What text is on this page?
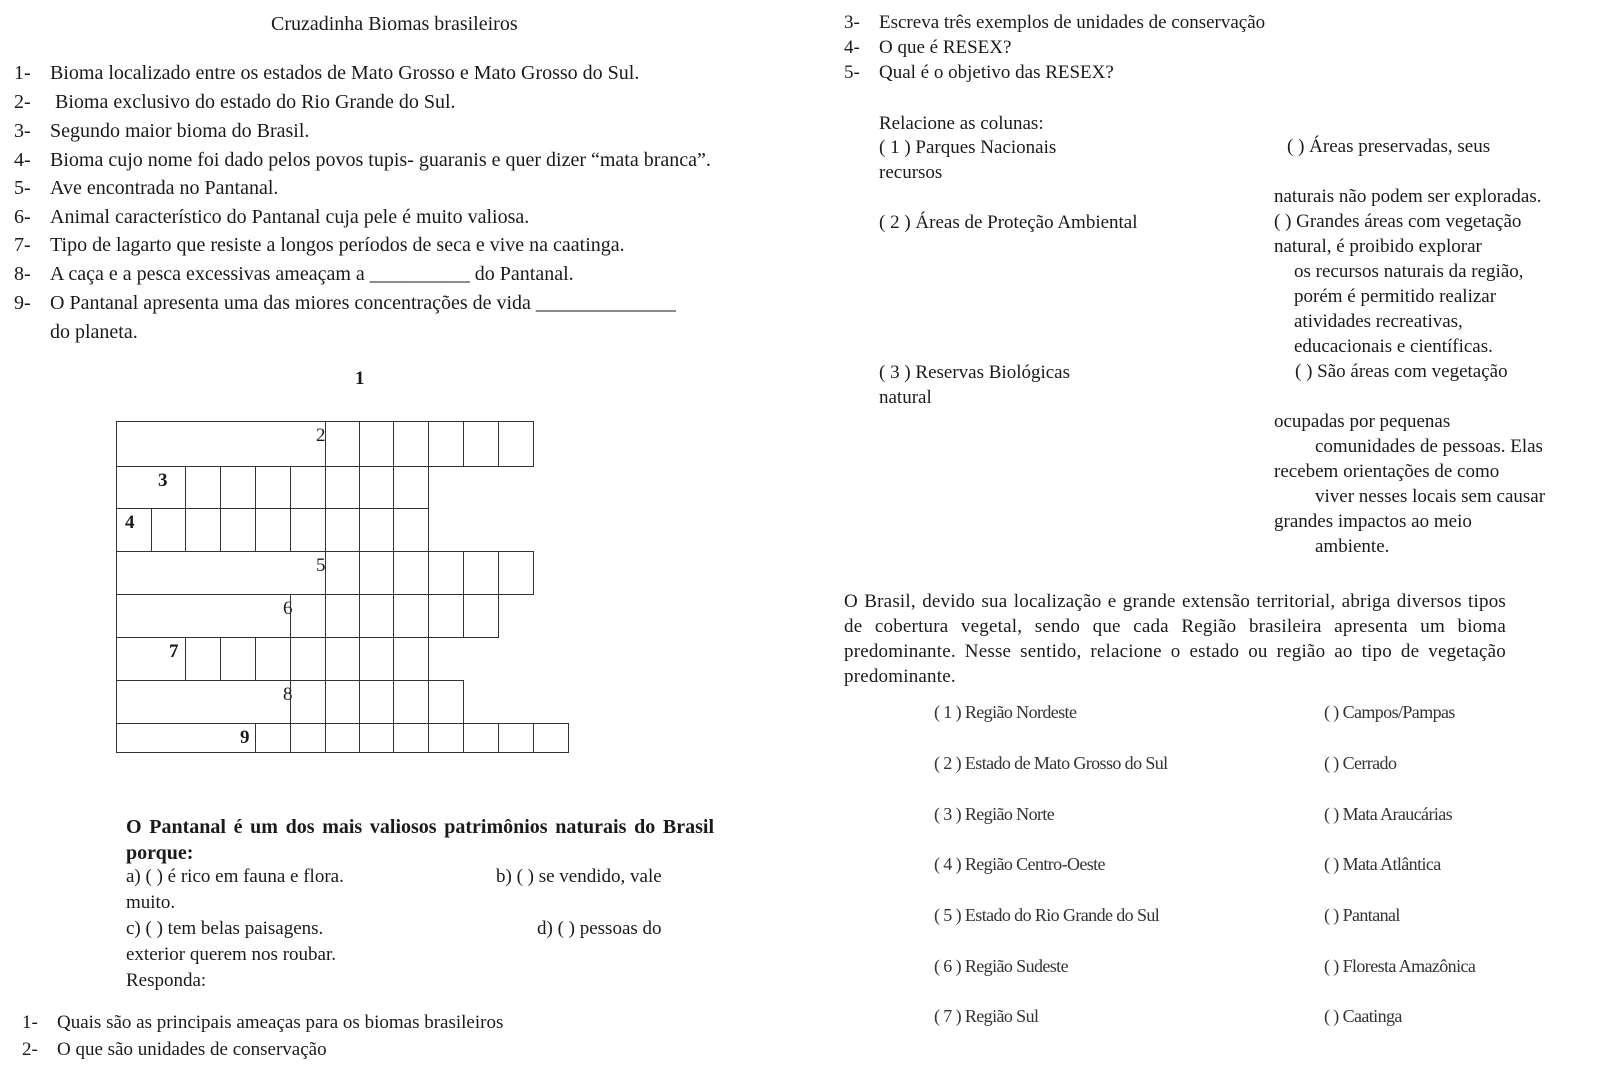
Cruzadinha Biomas brasileiros
1- Bioma localizado entre os estados de Mato Grosso e Mato Grosso do Sul.
2- Bioma exclusivo do estado do Rio Grande do Sul.
3- Segundo maior bioma do Brasil.
4- Bioma cujo nome foi dado pelos povos tupis- guaranis e quer dizer “mata branca”.
5- Ave encontrada no Pantanal.
6- Animal característico do Pantanal cuja pele é muito valiosa.
7- Tipo de lagarto que resiste a longos períodos de seca e vive na caatinga.
8- A caça e a pesca excessivas ameaçam a __________ do Pantanal.
9- O Pantanal apresenta uma das miores concentrações de vida ______________
do planeta.
1
2
3
4
5
6
7
8
9
O Pantanal é um dos mais valiosos patrimônios naturais do Brasil porque:
a) ( ) é rico em fauna e flora.	b) ( ) se vendido, vale
muito.
c) ( ) tem belas paisagens.	d) ( ) pessoas do
exterior querem nos roubar.
Responda:
1- Quais são as principais ameaças para os biomas brasileiros
2- O que são unidades de conservação
3- Escreva três exemplos de unidades de conservação
4- O que é RESEX?
5- Qual é o objetivo das RESEX?
Relacione as colunas:
( 1 ) Parques Nacionais
recursos
( 2 ) Áreas de Proteção Ambiental
( 3 ) Reservas Biológicas
natural
( ) Áreas preservadas, seus
naturais não podem ser exploradas.
( ) Grandes áreas com vegetação
natural, é proibido explorar
os recursos naturais da região,
porém é permitido realizar
atividades recreativas,
educacionais e científicas.
( ) São áreas com vegetação
ocupadas por pequenas
comunidades de pessoas. Elas
recebem orientações de como
viver nesses locais sem causar
grandes impactos ao meio
ambiente.
O Brasil, devido sua localização e grande extensão territorial, abriga diversos tipos de cobertura vegetal, sendo que cada Região brasileira apresenta um bioma predominante. Nesse sentido, relacione o estado ou região ao tipo de vegetação predominante.
( 1 ) Região Nordeste
( 2 ) Estado de Mato Grosso do Sul
( 3 ) Região Norte
( 4 ) Região Centro-Oeste
( 5 ) Estado do Rio Grande do Sul
( 6 ) Região Sudeste
( 7 ) Região Sul
( ) Campos/Pampas
( ) Cerrado
( ) Mata Araucárias
( ) Mata Atlântica
( ) Pantanal
( ) Floresta Amazônica
( ) Caatinga
